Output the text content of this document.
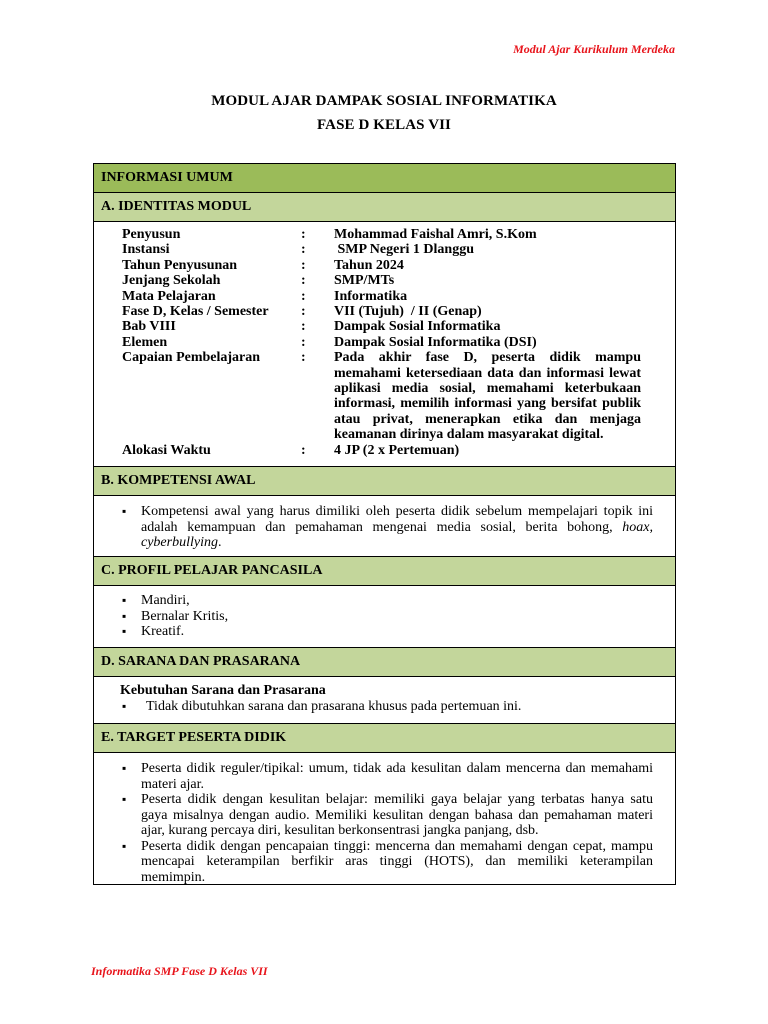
Modul Ajar Kurikulum Merdeka
MODUL AJAR DAMPAK SOSIAL INFORMATIKA
FASE D KELAS VII
INFORMASI UMUM
A. IDENTITAS MODUL
Penyusun	:	Mohammad Faishal Amri, S.Kom
Instansi	:	SMP Negeri 1 Dlanggu
Tahun Penyusunan	:	Tahun 2024
Jenjang Sekolah	:	SMP/MTs
Mata Pelajaran	:	Informatika
Fase D, Kelas / Semester	:	VII (Tujuh)  / II (Genap)
Bab VIII	:	Dampak Sosial Informatika
Elemen	:	Dampak Sosial Informatika (DSI)
Capaian Pembelajaran	:	Pada akhir fase D, peserta didik mampu memahami ketersediaan data dan informasi lewat aplikasi media sosial, memahami keterbukaan informasi, memilih informasi yang bersifat publik atau privat, menerapkan etika dan menjaga keamanan dirinya dalam masyarakat digital.
Alokasi Waktu	:	4 JP (2 x Pertemuan)
B. KOMPETENSI AWAL
▪ Kompetensi awal yang harus dimiliki oleh peserta didik sebelum mempelajari topik ini adalah kemampuan dan pemahaman mengenai media sosial, berita bohong, hoax, cyberbullying.
C. PROFIL PELAJAR PANCASILA
▪ Mandiri,
▪ Bernalar Kritis,
▪ Kreatif.
D. SARANA DAN PRASARANA
Kebutuhan Sarana dan Prasarana
▪ Tidak dibutuhkan sarana dan prasarana khusus pada pertemuan ini.
E. TARGET PESERTA DIDIK
▪ Peserta didik reguler/tipikal: umum, tidak ada kesulitan dalam mencerna dan memahami materi ajar.
▪ Peserta didik dengan kesulitan belajar: memiliki gaya belajar yang terbatas hanya satu gaya misalnya dengan audio. Memiliki kesulitan dengan bahasa dan pemahaman materi ajar, kurang percaya diri, kesulitan berkonsentrasi jangka panjang, dsb.
▪ Peserta didik dengan pencapaian tinggi: mencerna dan memahami dengan cepat, mampu mencapai keterampilan berfikir aras tinggi (HOTS), dan memiliki keterampilan memimpin.
Informatika SMP Fase D Kelas VII
